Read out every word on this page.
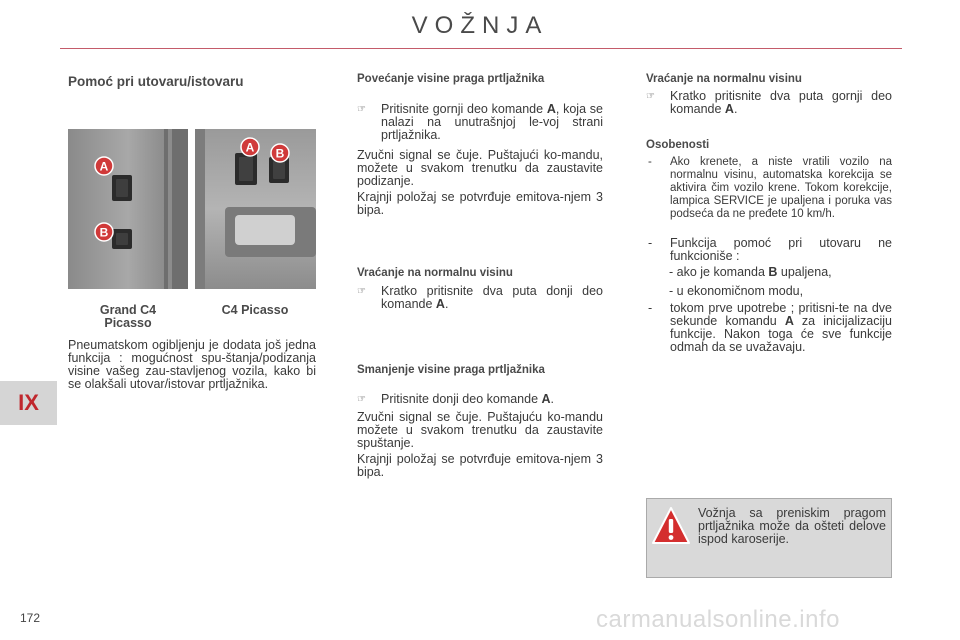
VOŽNJA
IX
Pomoć pri utovaru/istovaru
A
B
A B
Grand C4 Picasso
C4 Picasso

Pneumatskom ogibljenju je dodata još jedna funkcija : mogućnost spu-štanja/podizanja visine vašeg zau-stavljenog vozila, kako bi se olakšali utovar/istovar prtljažnika.

Povećanje visine praga prtljažnika
☞ Pritisnite gornji deo komande A, koja se nalazi na unutrašnjoj le-voj strani prtljažnika.

Zvučni signal se čuje. Puštajući ko-mandu, možete u svakom trenutku da zaustavite podizanje.

Krajnji položaj se potvrđuje emitova-njem 3 bipa.

Vraćanje na normalnu visinu
☞ Kratko pritisnite dva puta donji deo komande A.
Smanjenje visine praga prtljažnika
☞ Pritisnite donji deo komande A.

Zvučni signal se čuje. Puštajuću ko-mandu možete u svakom trenutku da zaustavite spuštanje.

Krajnji položaj se potvrđuje emitova-njem 3 bipa.

Vraćanje na normalnu visinu
☞ Kratko pritisnite dva puta gornji deo komande A.
Osobenosti
- Ako krenete, a niste vratili vozilo na normalnu visinu, automatska korekcija se aktivira čim vozilo krene. Tokom korekcije, lampica SERVICE je upaljena i poruka vas podseća da ne pređete 10 km/h.

- Funkcija pomoć pri utovaru ne funkcioniše :

- ako je komanda B upaljena,
- u ekonomičnom modu,
- tokom prve upotrebe ; pritisni-te na dve sekunde komandu A za inicijalizaciju funkcije. Nakon toga će sve funkcije odmah da se uvažavaju.

Vožnja sa preniskim pragom prtljažnika može da ošteti delove ispod karoserije.

172	carmanualsonline.info
